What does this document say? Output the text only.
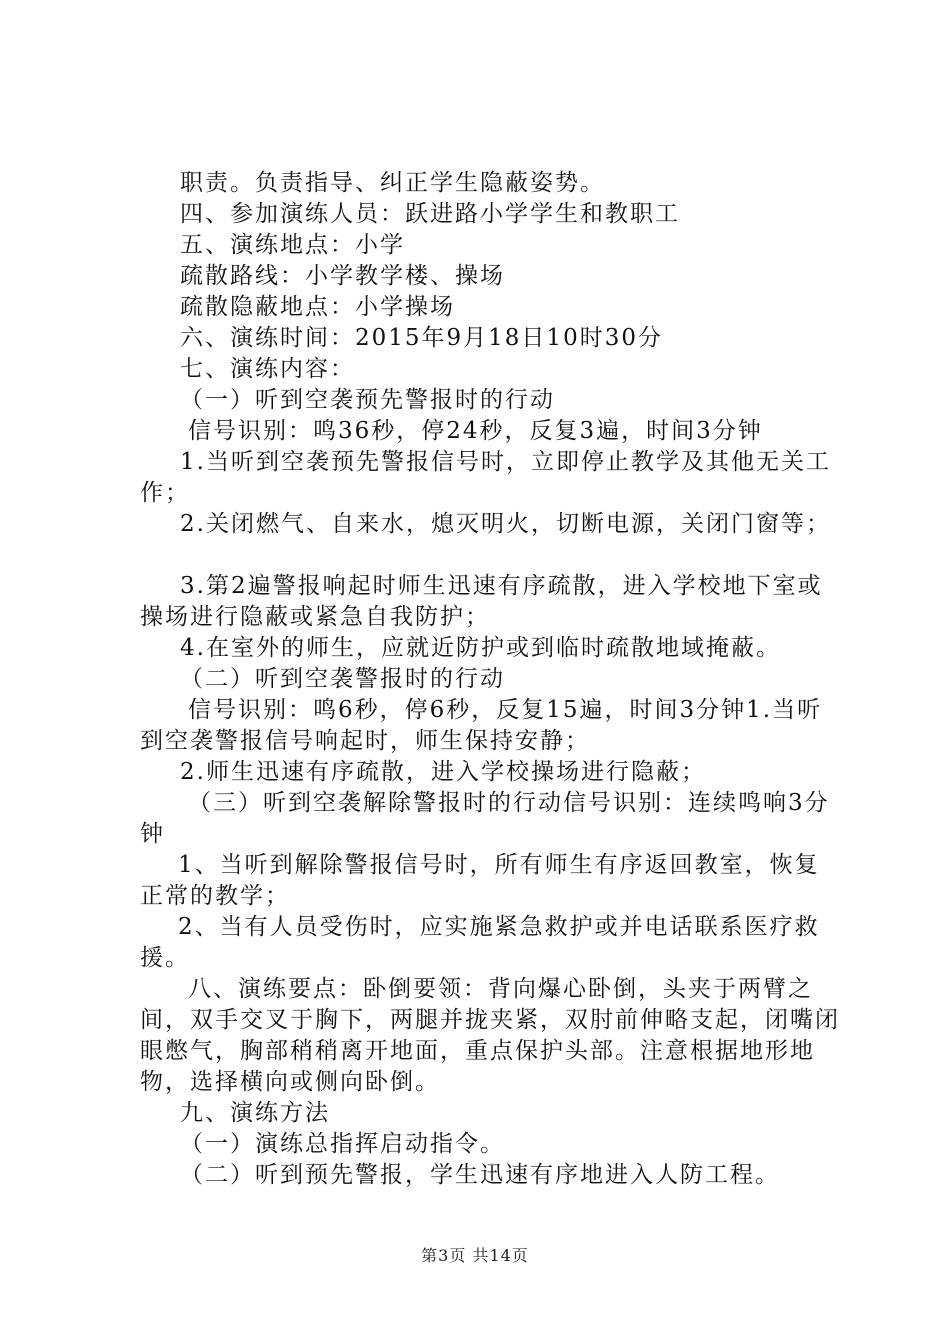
职责。负责指导、纠正学生隐蔽姿势。

四、参加演练人员：跃进路小学学生和教职工

五、演练地点：小学

疏散路线：小学教学楼、操场

疏散隐蔽地点：小学操场

六、演练时间：2015年9月18日10时30分

七、演练内容：

（一）听到空袭预先警报时的行动

信号识别：鸣36秒，停24秒，反复3遍，时间3分钟

1.当听到空袭预先警报信号时，立即停止教学及其他无关工作；

2.关闭燃气、自来水，熄灭明火，切断电源，关闭门窗等；

3.第2遍警报响起时师生迅速有序疏散，进入学校地下室或操场进行隐蔽或紧急自我防护；

4.在室外的师生，应就近防护或到临时疏散地域掩蔽。

（二）听到空袭警报时的行动

信号识别：鸣6秒，停6秒，反复15遍，时间3分钟1.当听到空袭警报信号响起时，师生保持安静；

2.师生迅速有序疏散，进入学校操场进行隐蔽；

（三）听到空袭解除警报时的行动信号识别：连续鸣响3分钟

1、当听到解除警报信号时，所有师生有序返回教室，恢复正常的教学；

2、当有人员受伤时，应实施紧急救护或并电话联系医疗救援。

八、演练要点：卧倒要领：背向爆心卧倒，头夹于两臂之间，双手交叉于胸下，两腿并拢夹紧，双肘前伸略支起，闭嘴闭眼憋气，胸部稍稍离开地面，重点保护头部。注意根据地形地物，选择横向或侧向卧倒。

九、演练方法

（一）演练总指挥启动指令。

（二）听到预先警报，学生迅速有序地进入人防工程。

第3页 共14页
